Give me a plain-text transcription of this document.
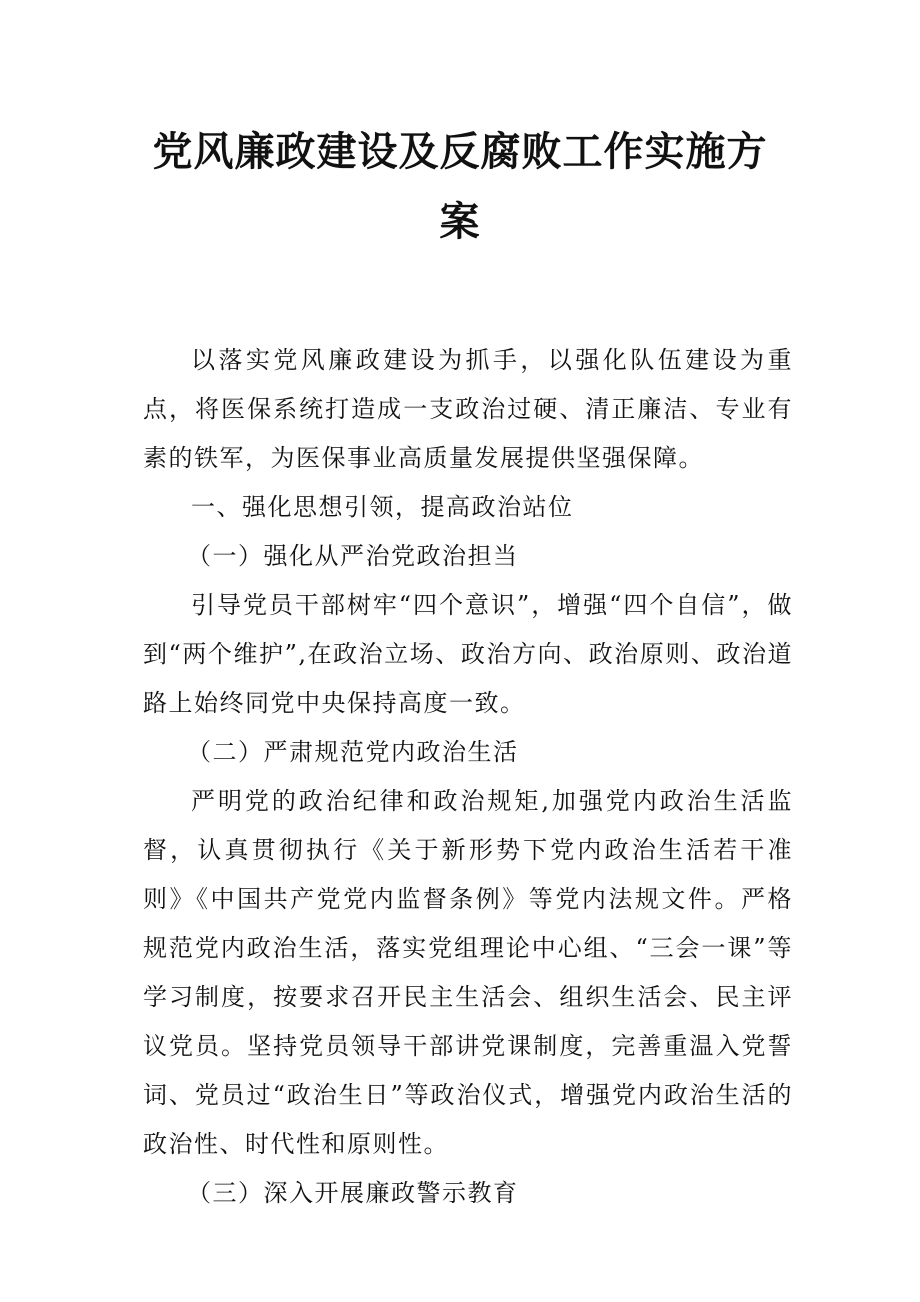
党风廉政建设及反腐败工作实施方
案

以落实党风廉政建设为抓手，以强化队伍建设为重点，将医保系统打造成一支政治过硬、清正廉洁、专业有素的铁军，为医保事业高质量发展提供坚强保障。

一、强化思想引领，提高政治站位

（一）强化从严治党政治担当

引导党员干部树牢“四个意识”，增强“四个自信”，做到“两个维护”,在政治立场、政治方向、政治原则、政治道路上始终同党中央保持高度一致。

（二）严肃规范党内政治生活

严明党的政治纪律和政治规矩,加强党内政治生活监督，认真贯彻执行《关于新形势下党内政治生活若干准则》《中国共产党党内监督条例》等党内法规文件。严格规范党内政治生活，落实党组理论中心组、“三会一课”等学习制度，按要求召开民主生活会、组织生活会、民主评议党员。坚持党员领导干部讲党课制度，完善重温入党誓词、党员过“政治生日”等政治仪式，增强党内政治生活的政治性、时代性和原则性。

（三）深入开展廉政警示教育
